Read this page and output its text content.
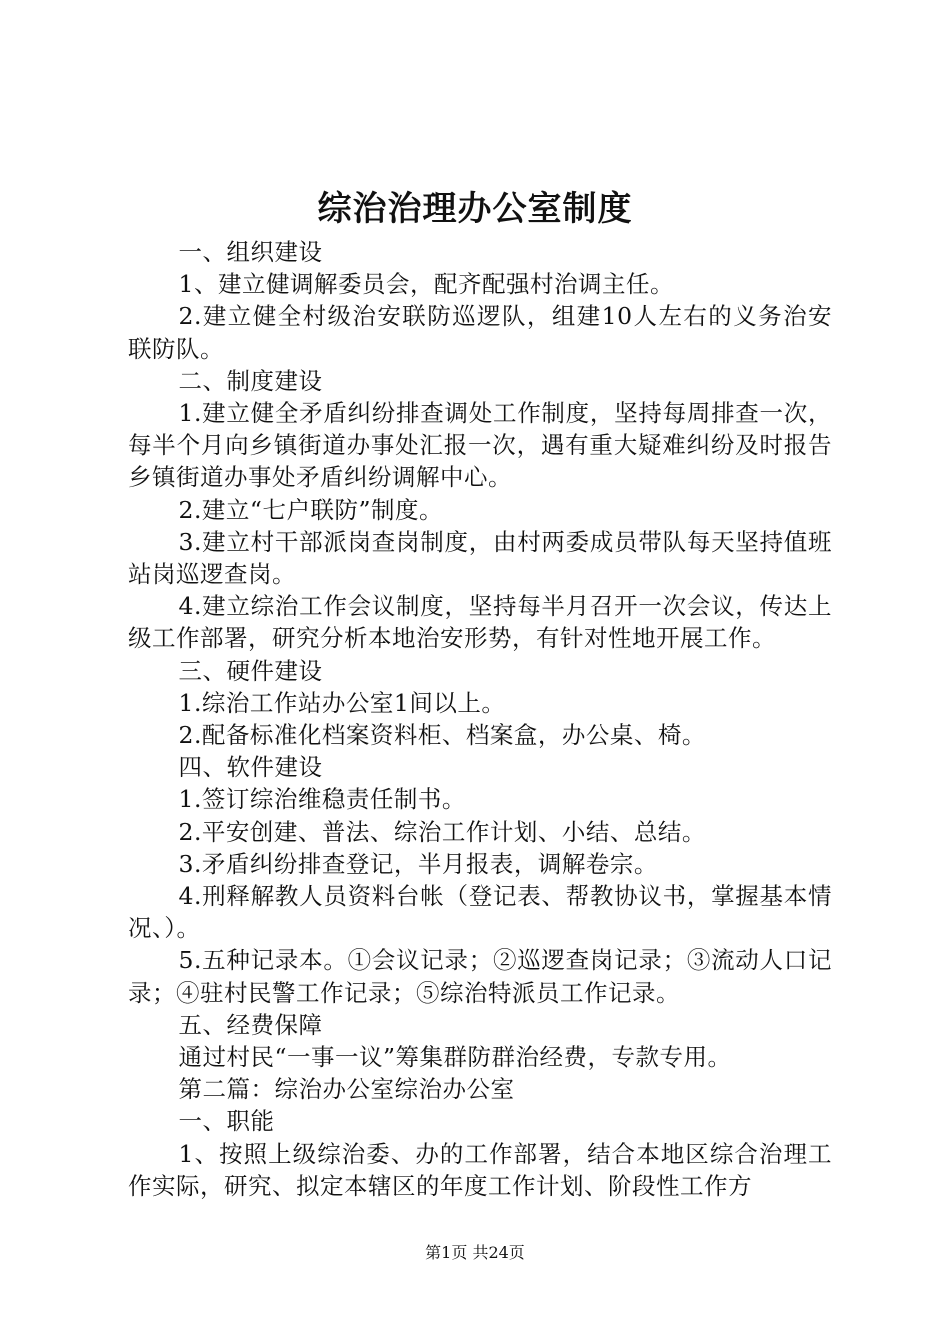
综治治理办公室制度

一、组织建设

1、建立健调解委员会，配齐配强村治调主任。

2.建立健全村级治安联防巡逻队，组建10人左右的义务治安联防队。

二、制度建设

1.建立健全矛盾纠纷排查调处工作制度，坚持每周排查一次，每半个月向乡镇街道办事处汇报一次，遇有重大疑难纠纷及时报告乡镇街道办事处矛盾纠纷调解中心。

2.建立“七户联防”制度。

3.建立村干部派岗查岗制度，由村两委成员带队每天坚持值班站岗巡逻查岗。

4.建立综治工作会议制度，坚持每半月召开一次会议，传达上级工作部署，研究分析本地治安形势，有针对性地开展工作。

三、硬件建设

1.综治工作站办公室1间以上。

2.配备标准化档案资料柜、档案盒，办公桌、椅。

四、软件建设

1.签订综治维稳责任制书。

2.平安创建、普法、综治工作计划、小结、总结。

3.矛盾纠纷排查登记，半月报表，调解卷宗。

4.刑释解教人员资料台帐（登记表、帮教协议书，掌握基本情况、）。

5.五种记录本。①会议记录；②巡逻查岗记录；③流动人口记录；④驻村民警工作记录；⑤综治特派员工作记录。

五、经费保障

通过村民“一事一议”筹集群防群治经费，专款专用。

第二篇：综治办公室综治办公室

一、职能

1、按照上级综治委、办的工作部署，结合本地区综合治理工作实际，研究、拟定本辖区的年度工作计划、阶段性工作方

第1页 共24页
